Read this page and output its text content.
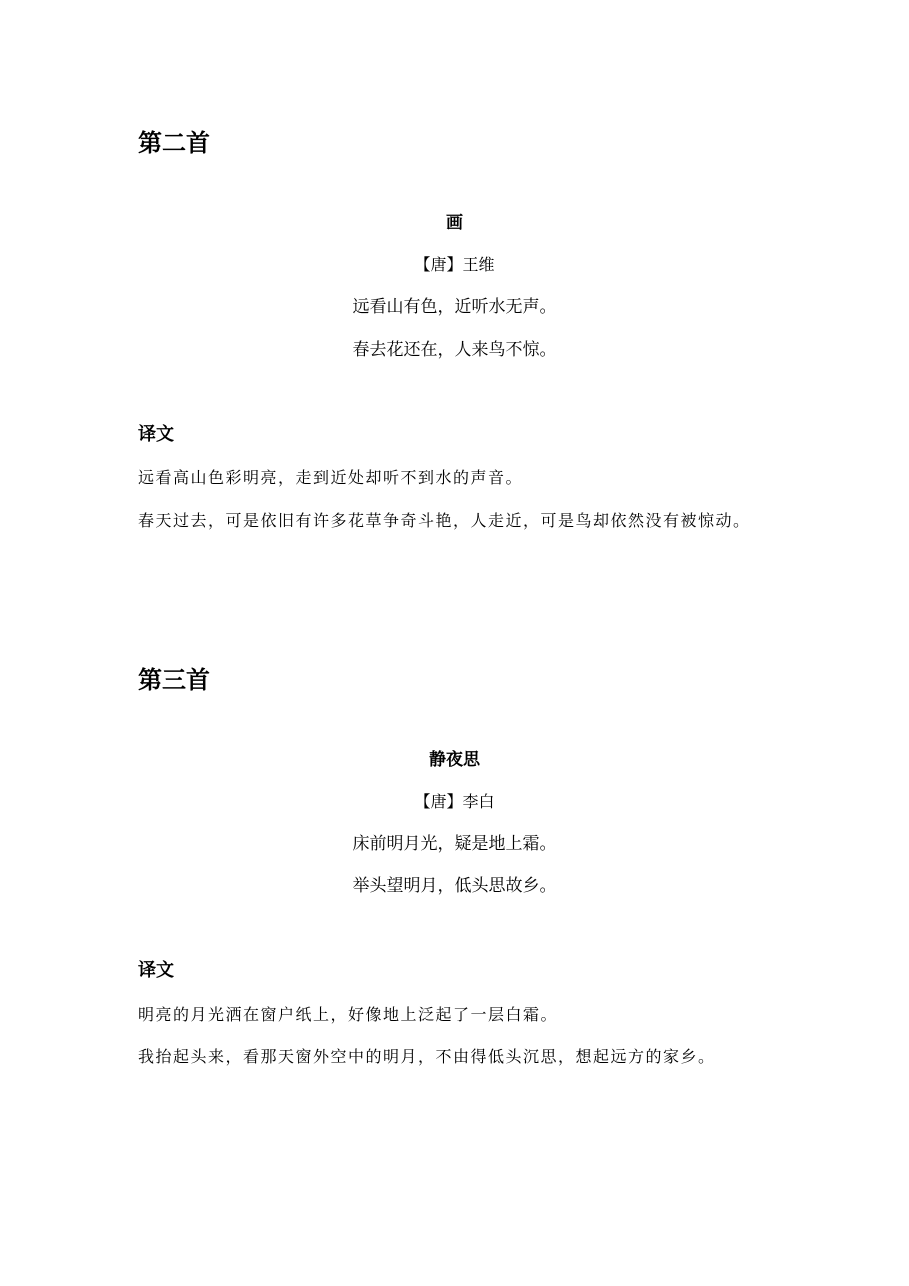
第二首
画
【唐】王维
远看山有色，近听水无声。
春去花还在，人来鸟不惊。
译文
远看高山色彩明亮，走到近处却听不到水的声音。
春天过去，可是依旧有许多花草争奇斗艳，人走近，可是鸟却依然没有被惊动。
第三首
静夜思
【唐】李白
床前明月光，疑是地上霜。
举头望明月，低头思故乡。
译文
明亮的月光洒在窗户纸上，好像地上泛起了一层白霜。
我抬起头来，看那天窗外空中的明月，不由得低头沉思，想起远方的家乡。
